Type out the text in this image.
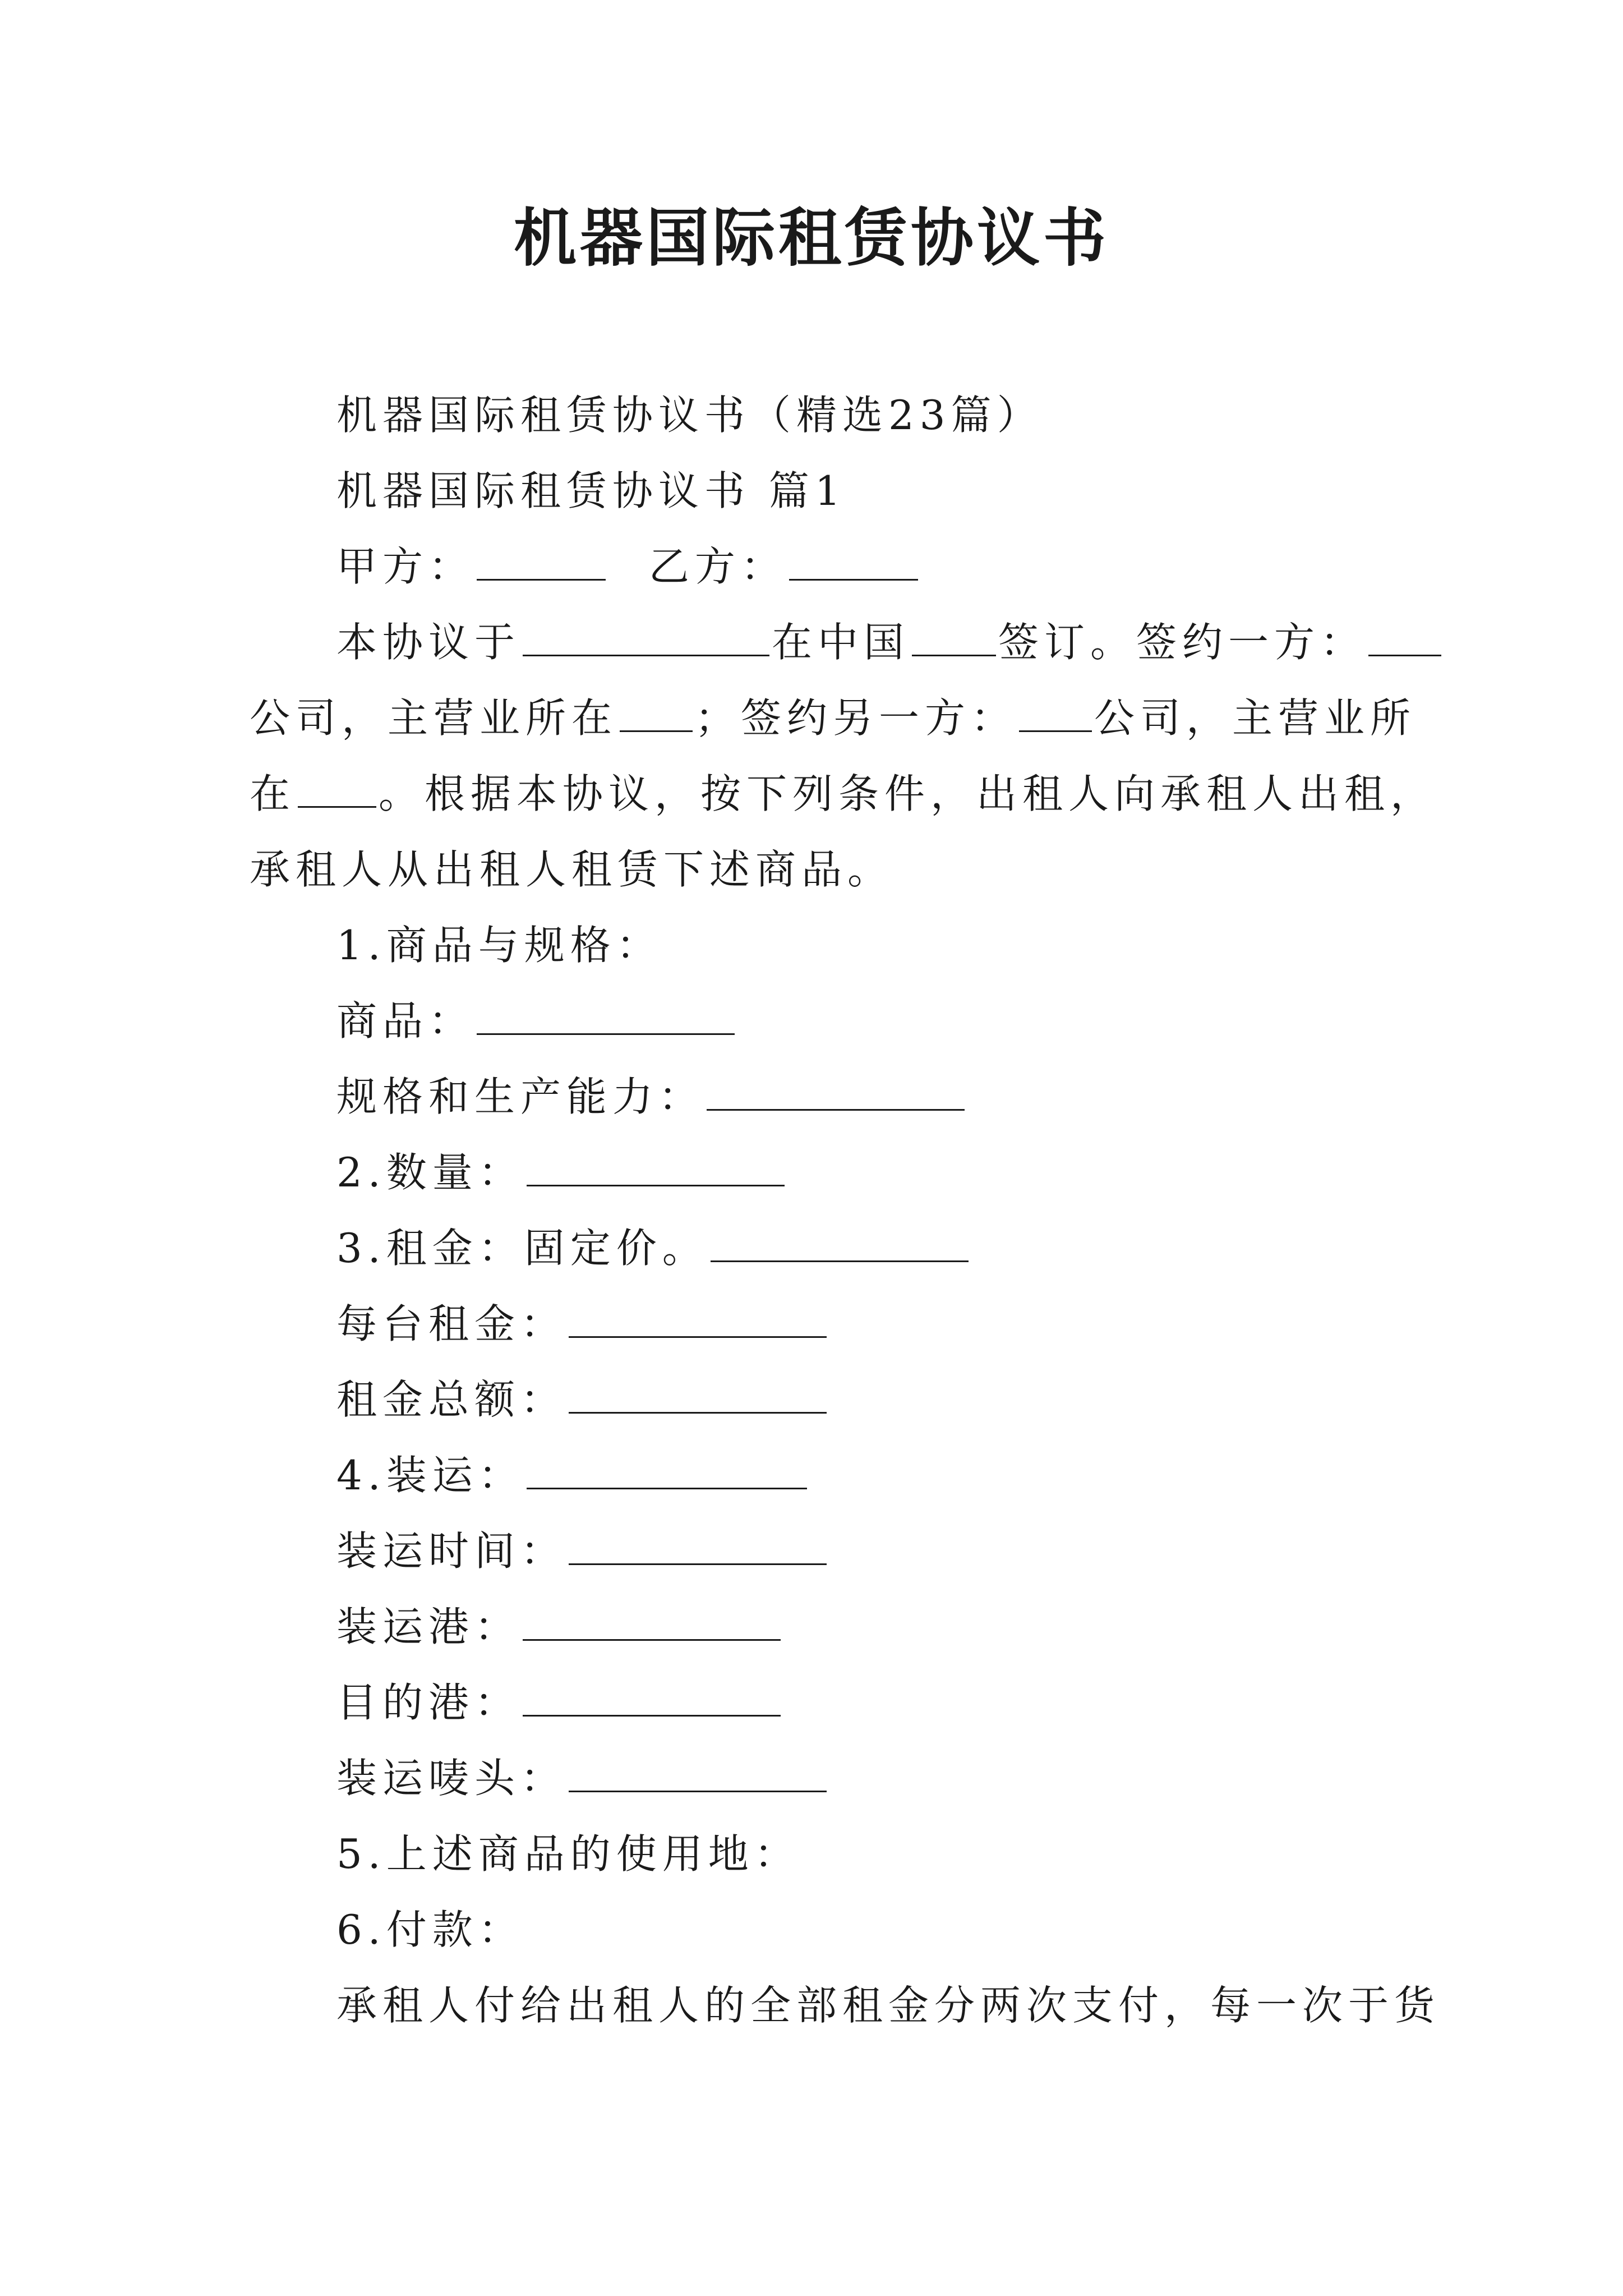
机器国际租赁协议书
机器国际租赁协议书（精选23篇）
机器国际租赁协议书 篇1
甲方：	乙方：
本协议于	在中国 签订。签约一方：
公司，主营业所在 ；签约另一方： 公司，主营业所
在 。根据本协议，按下列条件，出租人向承租人出租，
承租人从出租人租赁下述商品。
1.商品与规格：
商品：
规格和生产能力：
2.数量：
3.租金：固定价。
每台租金：
租金总额：
4.装运：
装运时间：
装运港：
目的港：
装运唛头：
5.上述商品的使用地：
6.付款：
承租人付给出租人的全部租金分两次支付，每一次于货
